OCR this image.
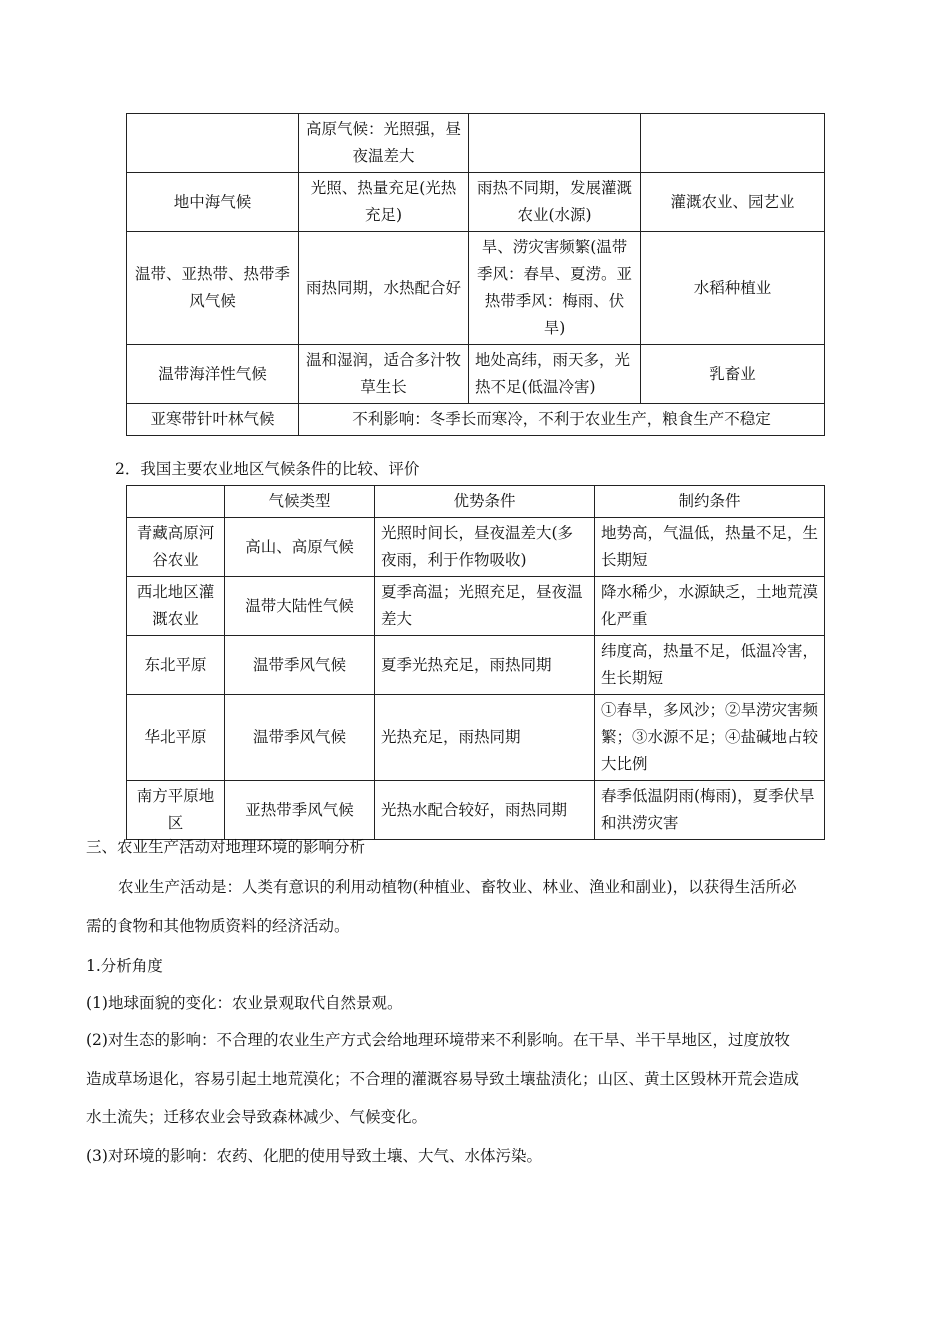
	高原气候：光照强，昼夜温差大		
地中海气候	光照、热量充足(光热充足)	雨热不同期，发展灌溉农业(水源)	灌溉农业、园艺业
温带、亚热带、热带季风气候	雨热同期，水热配合好	旱、涝灾害频繁(温带季风：春旱、夏涝。亚热带季风：梅雨、伏旱)	水稻种植业
温带海洋性气候	温和湿润，适合多汁牧草生长	地处高纬，雨天多，光热不足(低温冷害)	乳畜业
亚寒带针叶林气候	不利影响：冬季长而寒冷，不利于农业生产，粮食生产不稳定		
2．我国主要农业地区气候条件的比较、评价
	气候类型	优势条件	制约条件
青藏高原河谷农业	高山、高原气候	光照时间长，昼夜温差大(多夜雨，利于作物吸收)	地势高，气温低，热量不足，生长期短
西北地区灌溉农业	温带大陆性气候	夏季高温；光照充足，昼夜温差大	降水稀少，水源缺乏，土地荒漠化严重
东北平原	温带季风气候	夏季光热充足，雨热同期	纬度高，热量不足，低温冷害，生长期短
华北平原	温带季风气候	光热充足，雨热同期	①春旱，多风沙；②旱涝灾害频繁；③水源不足；④盐碱地占较大比例
南方平原地区	亚热带季风气候	光热水配合较好，雨热同期	春季低温阴雨(梅雨)，夏季伏旱和洪涝灾害
三、农业生产活动对地理环境的影响分析
农业生产活动是：人类有意识的利用动植物(种植业、畜牧业、林业、渔业和副业)，以获得生活所必
需的食物和其他物质资料的经济活动。
1.分析角度
(1)地球面貌的变化：农业景观取代自然景观。
(2)对生态的影响：不合理的农业生产方式会给地理环境带来不利影响。在干旱、半干旱地区，过度放牧
造成草场退化，容易引起土地荒漠化；不合理的灌溉容易导致土壤盐渍化；山区、黄土区毁林开荒会造成
水土流失；迁移农业会导致森林减少、气候变化。
(3)对环境的影响：农药、化肥的使用导致土壤、大气、水体污染。
